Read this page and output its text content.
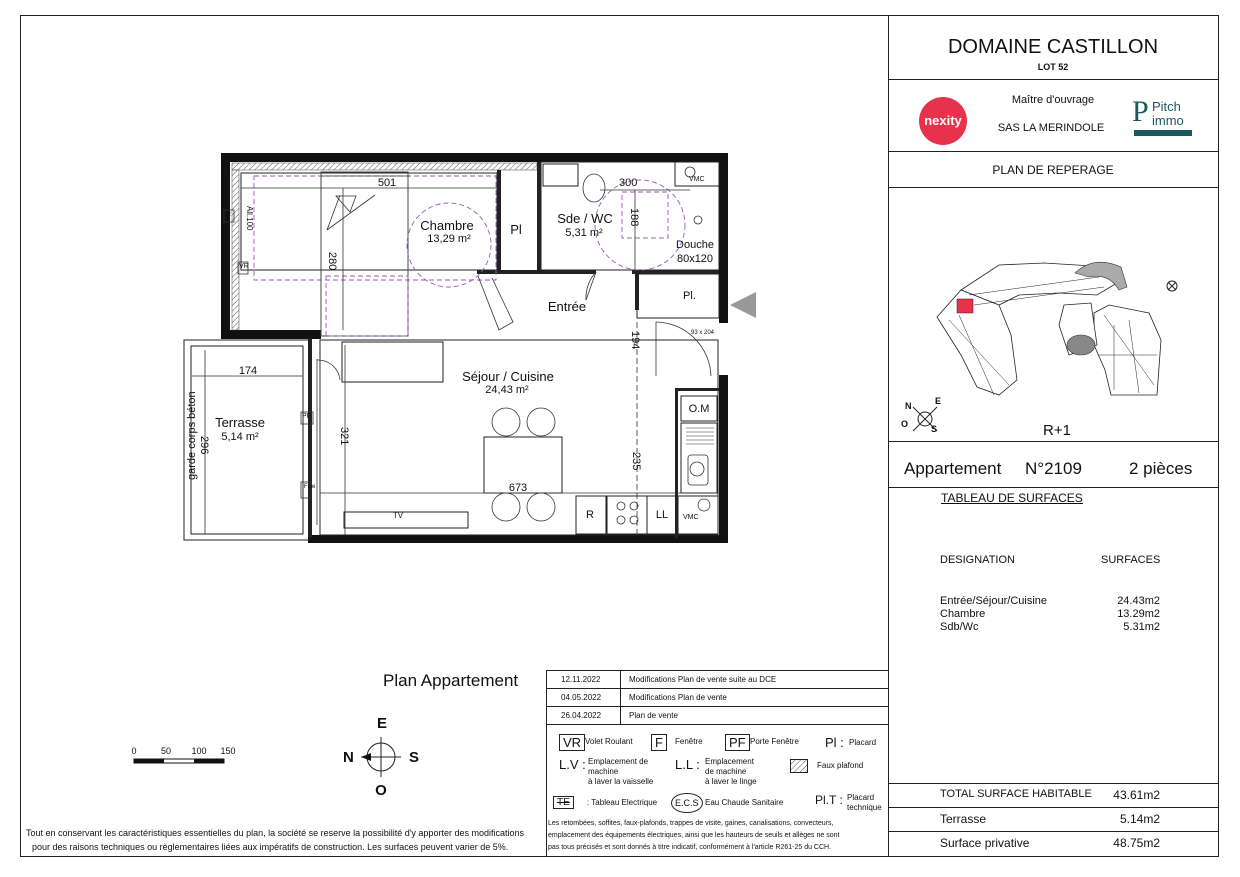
F All.100
VR
501
280
Chambre
13,29 m²
Pl
Sde / WC
5,31 m²
300
188
VMC
Douche
80x120
Pl.
Entrée
93 x 204
194
Séjour / Cuisine
24,43 m²
174
296
garde corps béton Terrasse
5,14 m²
PF
Fixe
321
235
673
O.M
R	LL VMC
TV
Plan Appartement
0	50 100 150
E
N	S
O
Tout en conservant les caractéristiques essentielles du plan, la société se reserve la possibilité d'y apporter des modifications
pour des raisons techniques ou règlementaires liées aux impératifs de construction. Les surfaces peuvent varier de 5%.
12.11.2022	Modifications Plan de vente suite au DCE
04.05.2022	Modifications Plan de vente
26.04.2022	Plan de vente
VR Volet Roulant	F	Fenêtre	PF Porte Fenêtre Pl : Placard
L.V : Emplacement de
machine
à laver la vaisselle
L.L : Emplacement
de machine
à laver le linge
Faux plafond
TE	: Tableau Electrique	E.C.S Eau Chaude Sanitaire	Pl.T : Placard
technique
Les retombées, soffites, faux-plafonds, trappes de visite, gaines, canalisations, convecteurs,
emplacement des équipements électriques, ainsi que les hauteurs de seuils et allèges ne sont
pas tous précisés et sont donnés à titre indicatif, conformément à l'article R261-25 du CCH.
DOMAINE CASTILLON
LOT 52
nexity
Maître d'ouvrage
SAS LA MERINDOLE P Pitch
immo
PLAN DE REPERAGE
N	E
S
O	R+1
Appartement N°2109	2 pièces
TABLEAU DE SURFACES
DESIGNATION	SURFACES
Entrée/Séjour/Cuisine	24.43m2
Chambre	13.29m2
Sdb/Wc	5.31m2
TOTAL SURFACE HABITABLE 43.61m2
Terrasse	5.14m2
Surface privative	48.75m2
